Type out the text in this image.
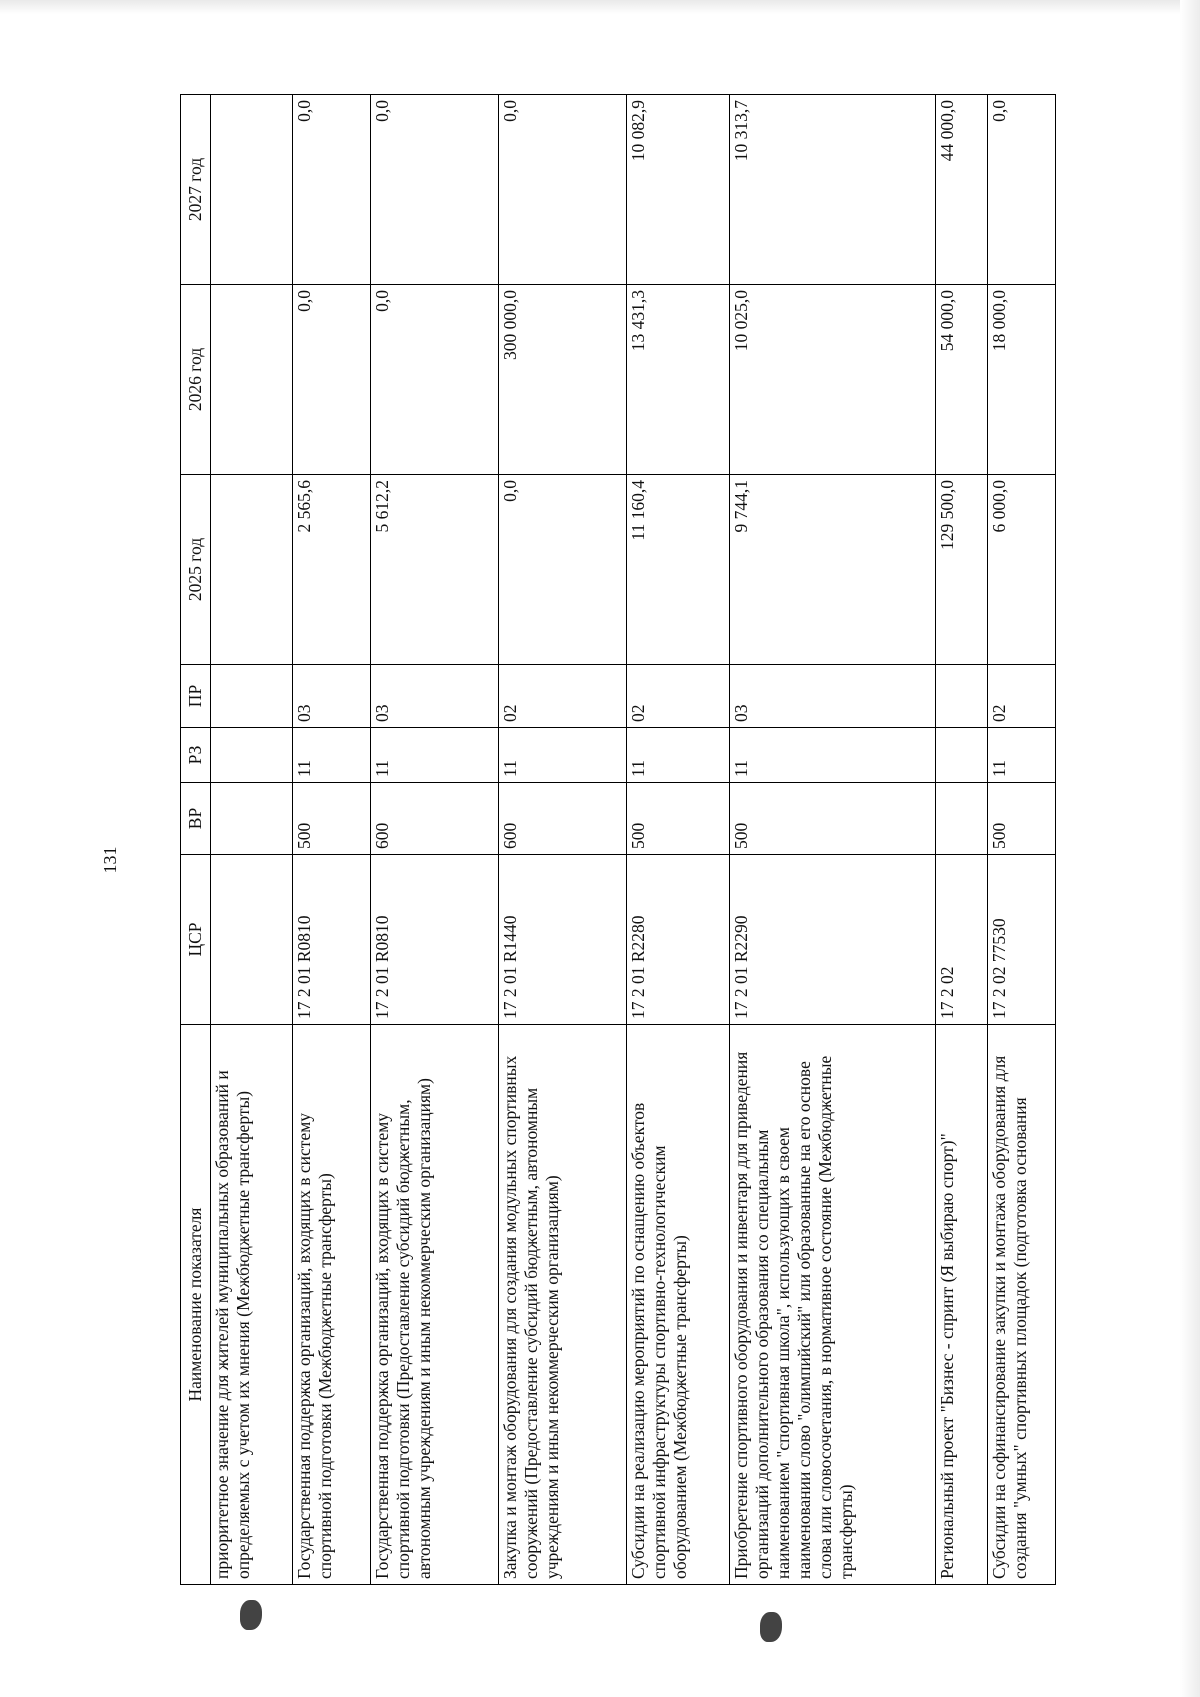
131
Наименование показателя	ЦСР	ВР	РЗ	ПР	2025 год	2026 год	2027 год
приоритетное значение для жителей муниципальных образований и определяемых с учетом их мнения (Межбюджетные трансферты)							
Государственная поддержка организаций, входящих в систему спортивной подготовки (Межбюджетные трансферты)	17 2 01 R0810	500	11	03	2 565,6	0,0	0,0
Государственная поддержка организаций, входящих в систему спортивной подготовки (Предоставление субсидий бюджетным, автономным учреждениям и иным некоммерческим организациям)	17 2 01 R0810	600	11	03	5 612,2	0,0	0,0
Закупка и монтаж оборудования для создания модульных спортивных сооружений (Предоставление субсидий бюджетным, автономным учреждениям и иным некоммерческим организациям)	17 2 01 R1440	600	11	02	0,0	300 000,0	0,0
Субсидии на реализацию мероприятий по оснащению объектов спортивной инфраструктуры спортивно-технологическим оборудованием (Межбюджетные трансферты)	17 2 01 R2280	500	11	02	11 160,4	13 431,3	10 082,9
Приобретение спортивного оборудования и инвентаря для приведения организаций дополнительного образования со специальным наименованием "спортивная школа", использующих в своем наименовании слово "олимпийский" или образованные на его основе слова или словосочетания, в нормативное состояние (Межбюджетные трансферты)	17 2 01 R2290	500	11	03	9 744,1	10 025,0	10 313,7
Региональный проект "Бизнес - спринт (Я выбираю спорт)"	17 2 02				129 500,0	54 000,0	44 000,0
Субсидии на софинансирование закупки и монтажа оборудования для создания "умных" спортивных площадок (подготовка основания	17 2 02 77530	500	11	02	6 000,0	18 000,0	0,0
